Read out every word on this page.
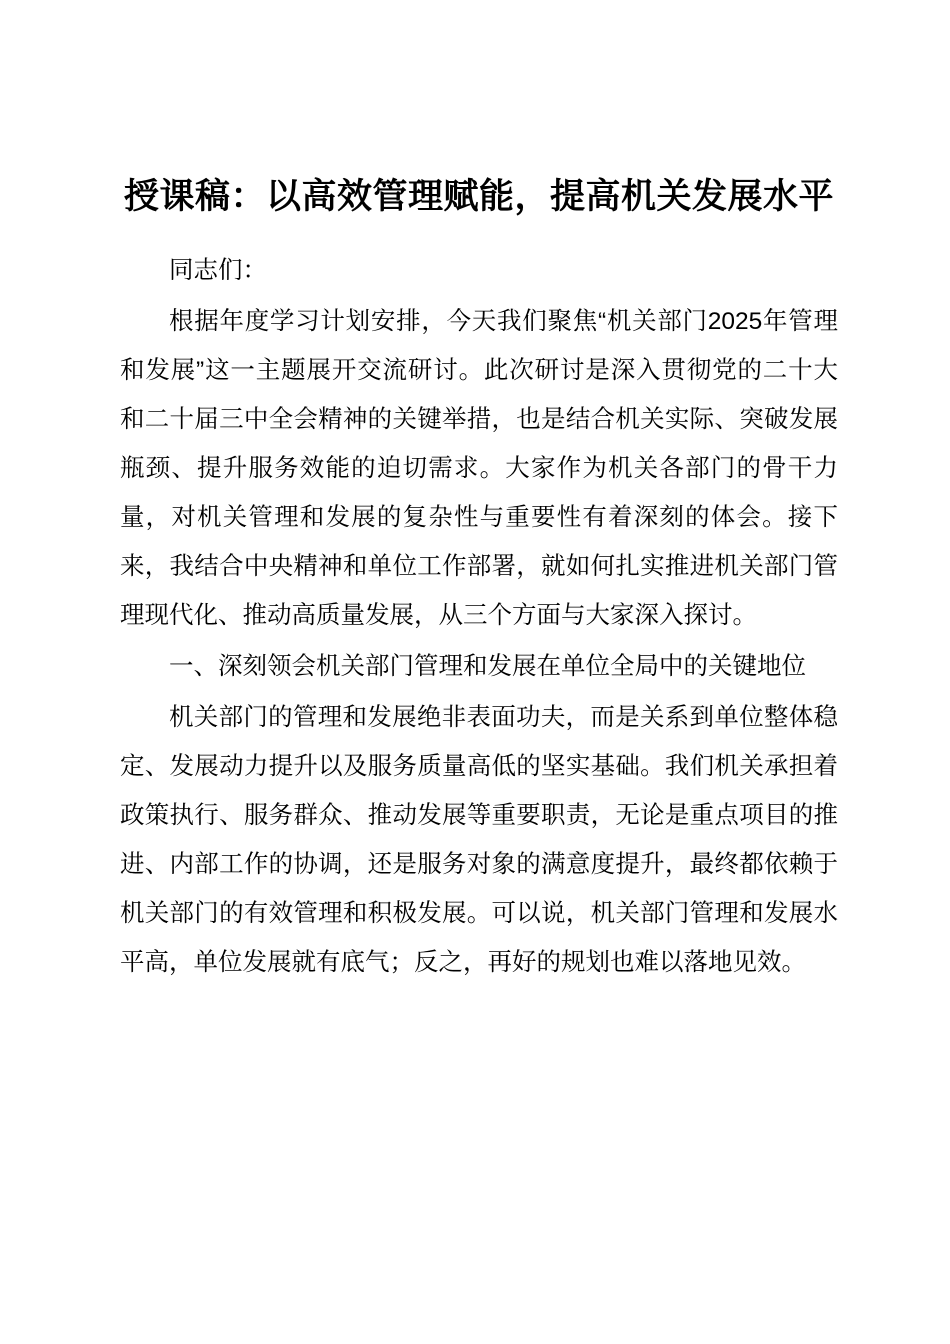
授课稿：以高效管理赋能，提高机关发展水平

同志们：

根据年度学习计划安排，今天我们聚焦“机关部门2025年管理和发展”这一主题展开交流研讨。此次研讨是深入贯彻党的二十大和二十届三中全会精神的关键举措，也是结合机关实际、突破发展瓶颈、提升服务效能的迫切需求。大家作为机关各部门的骨干力量，对机关管理和发展的复杂性与重要性有着深刻的体会。接下来，我结合中央精神和单位工作部署，就如何扎实推进机关部门管理现代化、推动高质量发展，从三个方面与大家深入探讨。

一、深刻领会机关部门管理和发展在单位全局中的关键地位

机关部门的管理和发展绝非表面功夫，而是关系到单位整体稳定、发展动力提升以及服务质量高低的坚实基础。我们机关承担着政策执行、服务群众、推动发展等重要职责，无论是重点项目的推进、内部工作的协调，还是服务对象的满意度提升，最终都依赖于机关部门的有效管理和积极发展。可以说，机关部门管理和发展水平高，单位发展就有底气；反之，再好的规划也难以落地见效。
